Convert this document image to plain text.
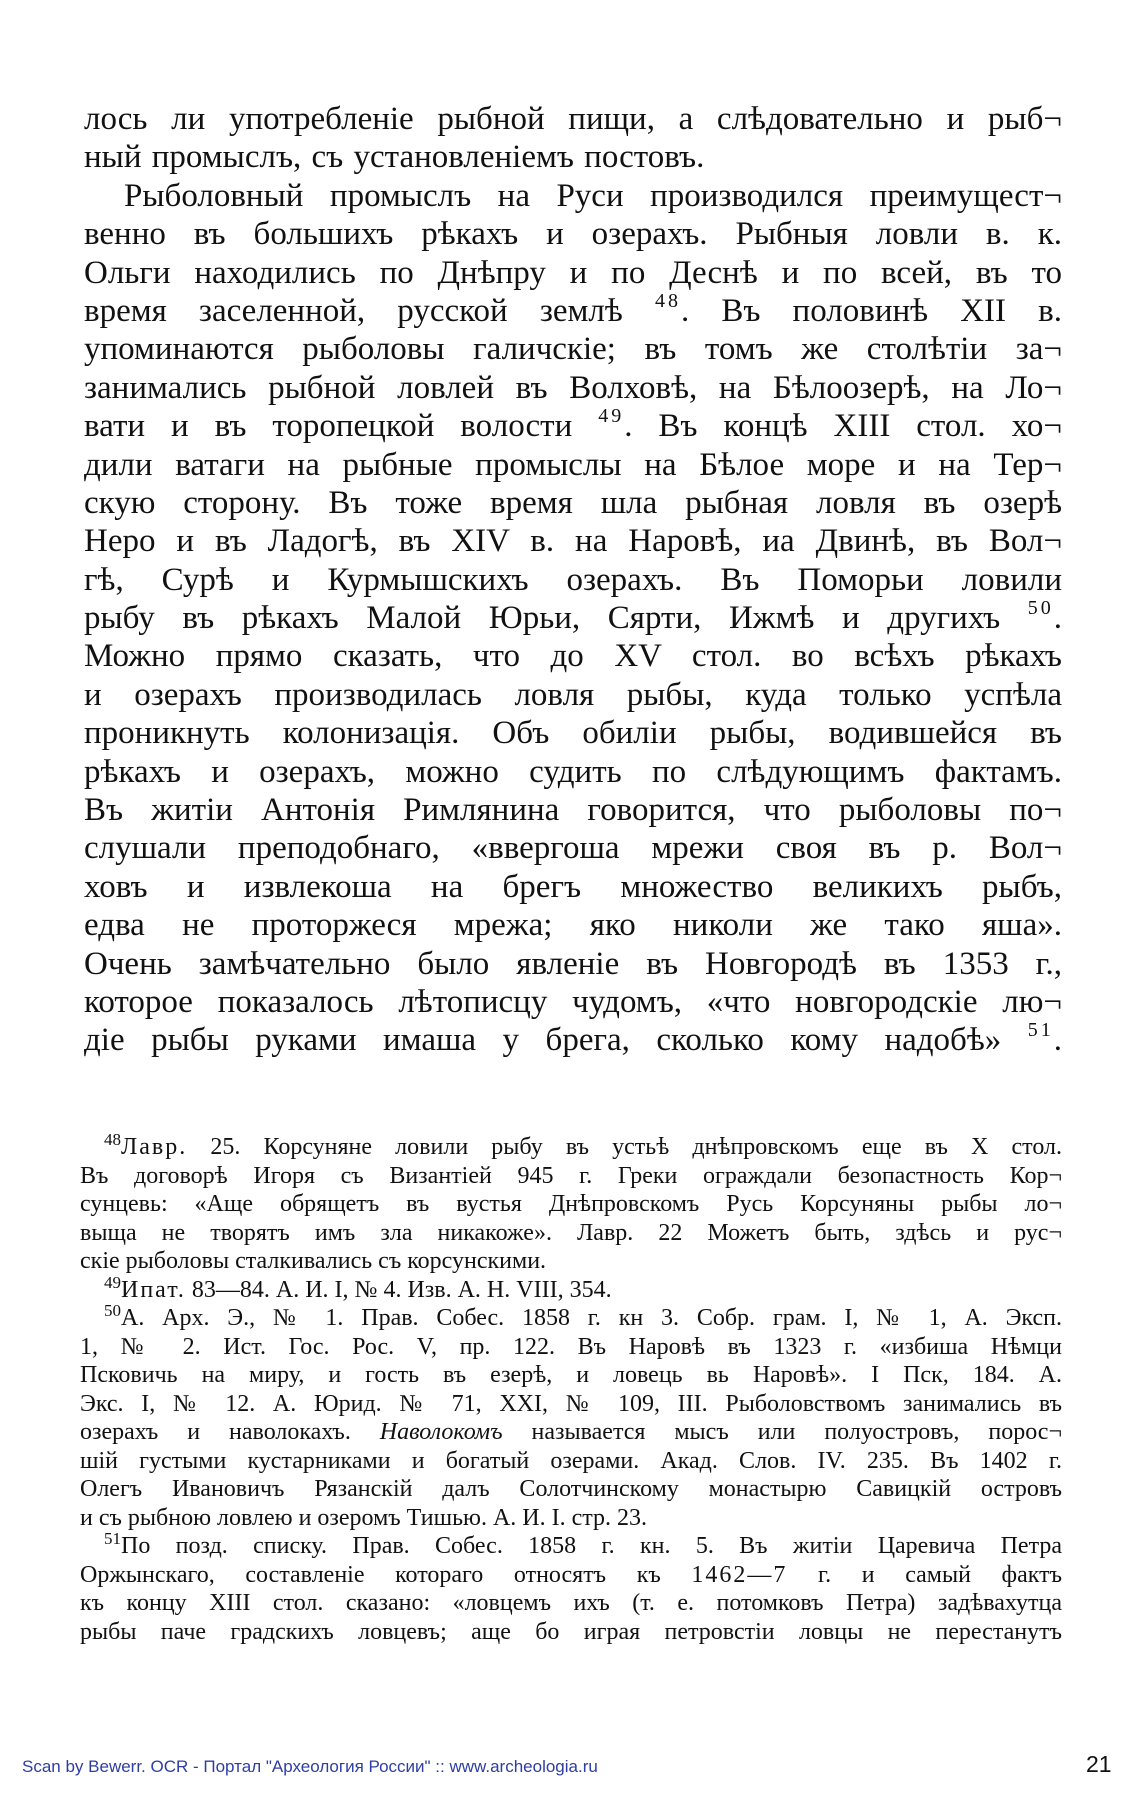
лось ли употребленіе рыбной пищи, а слѣдовательно и рыб¬
ный промыслъ, съ установленіемъ постовъ.
Рыболовный промыслъ на Руси производился преимущест¬
венно въ большихъ рѣкахъ и озерахъ. Рыбныя ловли в. к.
Ольги находились по Днѣпру и по Деснѣ и по всей, въ то
время заселенной, русской землѣ $^{48}$. Въ половинѣ XII в.
упоминаются рыболовы галичскіе; въ томъ же столѣтіи за¬
занимались рыбной ловлей въ Волховѣ, на Бѣлоозерѣ, на Ло¬
вати и въ торопецкой волости $^{49}$. Въ концѣ XIII стол. хо¬
дили ватаги на рыбные промыслы на Бѣлое море и на Тер¬
скую сторону. Въ тоже время шла рыбная ловля въ озерѣ
Неро и въ Ладогѣ, въ XIV в. на Наровѣ, иа Двинѣ, въ Вол¬
гѣ, Сурѣ и Курмышскихъ озерахъ. Въ Поморьи ловили
рыбу въ рѣкахъ Малой Юрьи, Сярти, Ижмѣ и другихъ $^{50}$.
Можно прямо сказать, что до XV стол. во всѣхъ рѣкахъ
и озерахъ производилась ловля рыбы, куда только успѣла
проникнуть колонизація. Объ обиліи рыбы, водившейся въ
рѣкахъ и озерахъ, можно судить по слѣдующимъ фактамъ.
Въ житіи Антонія Римлянина говорится, что рыболовы по¬
слушали преподобнаго, «ввергоша мрежи своя въ р. Вол¬
ховъ и извлекоша на брегъ множество великихъ рыбъ,
едва не проторжеся мрежа; яко николи же тако яша».
Очень замѣчательно было явленіе въ Новгородѣ въ 1353 г.,
которое показалось лѣтописцу чудомъ, «что новгородскіе лю¬
діе рыбы руками имаша у брега, сколько кому надобѣ» $^{51}$.
$^{48}$Лавр. 25. Корсуняне ловили рыбу въ устьѣ днѣпровскомъ еще въ X стол.
Въ договорѣ Игоря съ Византіей 945 г. Греки ограждали безопастность Кор¬
сунцевь: «Аще обрящетъ въ вустья Днѣпровскомъ Русь Корсуняны рыбы ло¬
выща не творятъ имъ зла никакоже». Лавр. 22 Можетъ быть, здѣсь и рус¬
скіе рыболовы сталкивались съ корсунскими.
$^{49}$Ипат. 83—84. А. И. I, № 4. Изв. А. Н. VIII, 354.
$^{50}$А. Арх. Э., № 1. Прав. Собес. 1858 г. кн 3. Собр. грам. I, № 1, А. Эксп.
1, № 2. Ист. Гос. Рос. V, пр. 122. Въ Наровѣ въ 1323 г. «избиша Нѣмци
Псковичь на миру, и гость въ езерѣ, и ловець вь Наровѣ». I Пск, 184. А.
Экс. I, № 12. А. Юрид. № 71, XXI, № 109, III. Рыболовствомъ занимались въ
озерахъ и наволокахъ. Наволокомъ называется мысъ или полуостровъ, порос¬
шій густыми кустарниками и богатый озерами. Акад. Слов. IV. 235. Въ 1402 г.
Олегъ Ивановичъ Рязанскій далъ Солотчинскому монастырю Савицкій островъ
и съ рыбною ловлею и озеромъ Тишью. А. И. I. стр. 23.
$^{51}$По позд. списку. Прав. Собес. 1858 г. кн. 5. Въ житіи Царевича Петра
Оржынскаго, составленіе котораго относятъ къ 1462—7 г. и самый фактъ
къ концу XIII стол. сказано: «ловцемъ ихъ (т. е. потомковъ Петра) задѣвахутца
рыбы паче градскихъ ловцевъ; аще бо играя петровстіи ловцы не перестанутъ
Scan by Bewerr. OCR - Портал "Археология России" :: www.archeologia.ru	21
